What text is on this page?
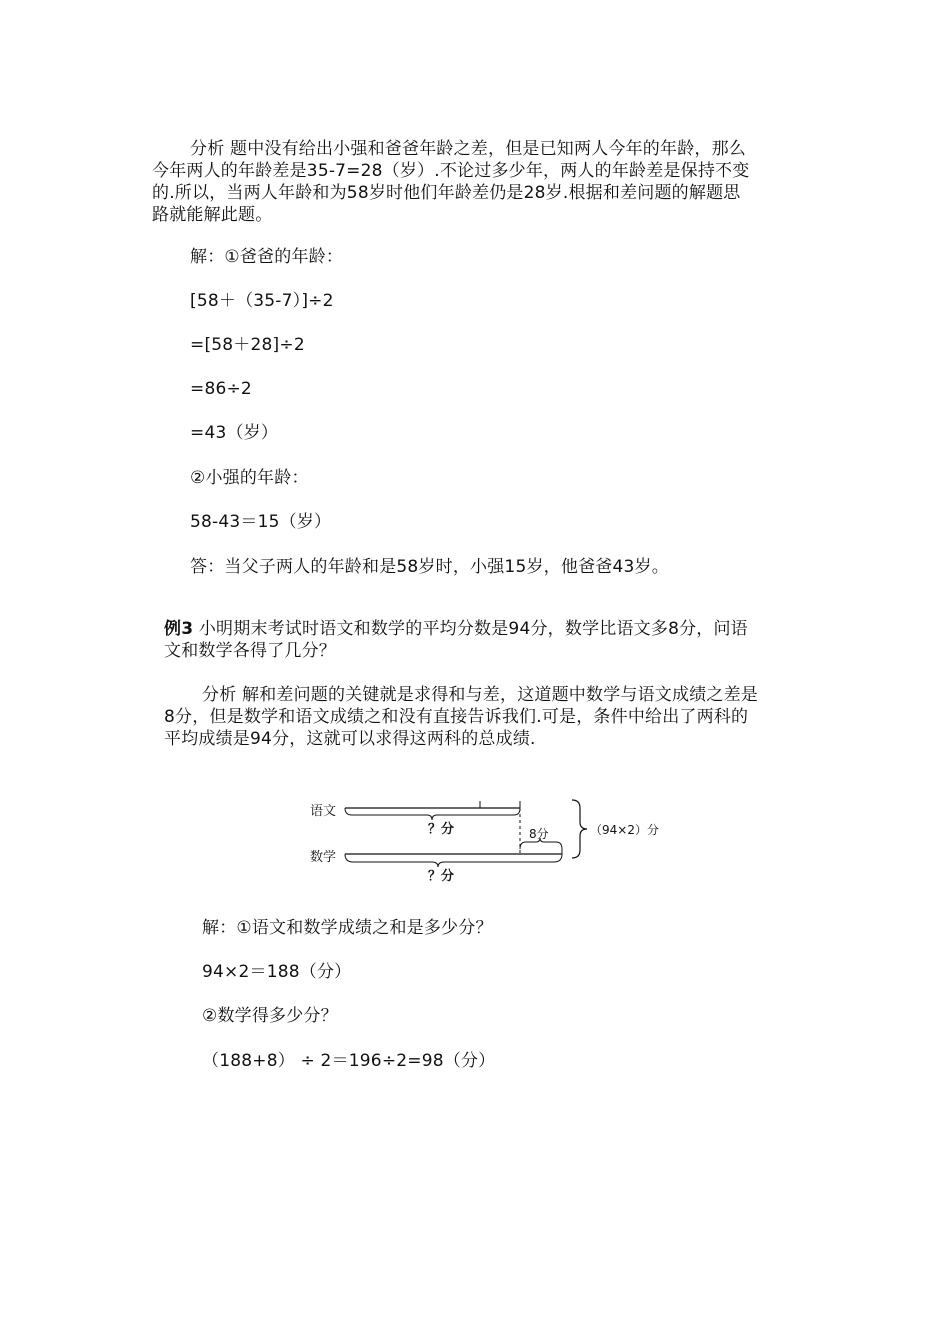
分析 题中没有给出小强和爸爸年龄之差，但是已知两人今年的年龄，那么
今年两人的年龄差是35-7=28（岁）.不论过多少年，两人的年龄差是保持不变
的.所以，当两人年龄和为58岁时他们年龄差仍是28岁.根据和差问题的解题思
路就能解此题。
解：①爸爸的年龄：
[58＋（35-7）]÷2
=[58＋28]÷2
=86÷2
=43（岁）
②小强的年龄：
58-43＝15（岁）
答：当父子两人的年龄和是58岁时，小强15岁，他爸爸43岁。
例3 小明期末考试时语文和数学的平均分数是94分，数学比语文多8分，问语
文和数学各得了几分？
分析 解和差问题的关键就是求得和与差，这道题中数学与语文成绩之差是
8分，但是数学和语文成绩之和没有直接告诉我们.可是，条件中给出了两科的
平均成绩是94分，这就可以求得这两科的总成绩.
语文
？分	8分
数学
？分
（94×2）分
解：①语文和数学成绩之和是多少分？
94×2＝188（分）
②数学得多少分？
（188+8） ÷ 2＝196÷2=98（分）
